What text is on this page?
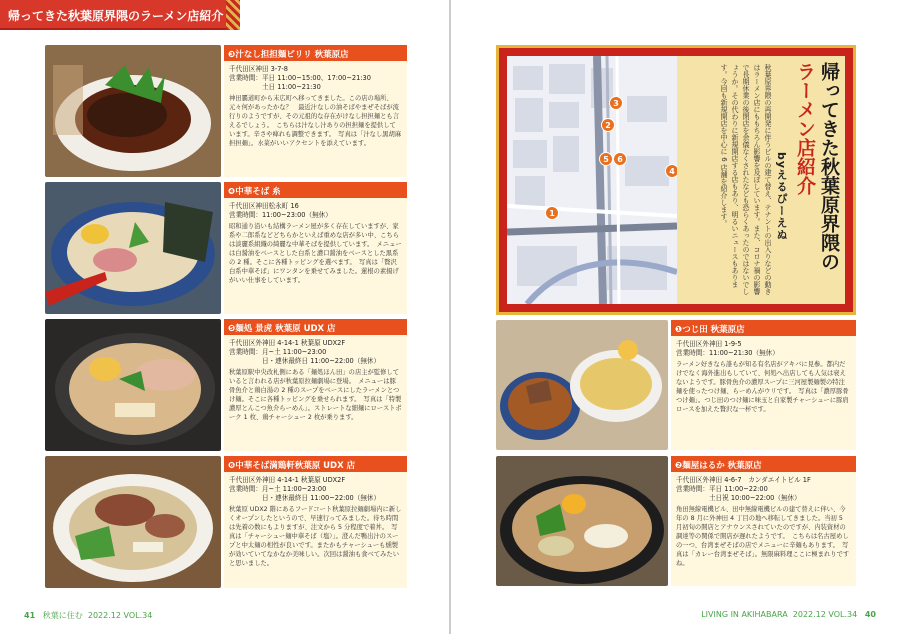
帰ってきた秋葉原界隈のラーメン店紹介
❸汁なし担担麺ピリリ 秋葉原店
千代田区神田 3-7-8
営業時間：平日 11:00~15:00、17:00~21:30
　　　　　土日 11:00~21:30
神田覇道町から末広町へ移ってきました。この店の場所、元々何があったかな？　最近汁なしの油そばやまぜそばが流行りのようですが、その元祖的な存在がけなし担担麺とも言えるでしょう。　こちらは汁なし汁ありの担担麺を提供しています。辛さや痺れも調整できます。　写真は「汁なし黒胡麻担担麺」。水菜がいいアクセントを添えています。
❹中華そば 糸
千代田区神田松永町 16
営業時間：11:00~23:00（無休）
昭和通り沿いも結構ラーメン屋が多く存在していますが、家系や二郎系などどちらかといえば重めな店が多い中、こちらは淡麗系組織の綺麗な中華そばを提供しています。　メニューは白醤油をベースとした白系と濃口醤油をベースとした黒系の 2 種。そこに各種トッピングを選べます。　写真は「贅沢白系中華そば」にワンタンを乗せてみました。蓮根の素揚げがいい仕事をしています。
❺麺処 景虎 秋葉原 UDX 店
千代田区外神田 4-14-1 秋葉原 UDX2F
営業時間：月~土 11:00~23:00
　　　　　日・連休最終日 11:00~22:00（無休）
秋葉原駅中央改札側にある「麺処ほん田」の店主が監修していると言われる店が秋葉原拉麺劇場に登場。　メニューは豚骨魚介と鶏白湯の 2 種のスープをベースにしたラーメンとつけ麺。そこに各種トッピングを乗せられます。　写真は「特製濃厚とんこつ魚介らーめん」。ストレートな細麺にローストポーク 1 枚、鶏チャーシュー 2 枚が乗ります。
❻中華そば満鶏軒秋葉原 UDX 店
千代田区外神田 4-14-1 秋葉原 UDX2F
営業時間：月~土 11:00~23:00
　　　　　日・連休最終日 11:00~22:00（無休）
秋葉原 UDX2 階にあるフードコート秋葉原拉麺劇場内に新しくオープンしたというので、早速行ってみました。待ち時間は先着の数にもよりますが、注文から 5 分程度で着丼。　写真は「チャーシュー麺中華そば（塩）」。澄んだ鴨出汁のスープと中太麺の相性が良いです。またかもチャーシューも燻製が効いていてなかなか美味しい。次回は醤油も食べてみたいと思いました。
41 秋葉に住む 2022.12 VOL.34
3
2
5	6
4
1	帰ってきた秋葉原界隈の
ラーメン店紹介
byえるぴーえぬ
秋葉原界隈の再開発に伴うビルの建て替え、テナントの出入りなどの動きはラーメン店にももちろん影響を及ぼしています。また、コロナ禍の影響で長期休業の後閉店を余儀なくされたなども恐らくあったのではないでしょうか。その代わりに新規開店する店もあり、明るいニュースもあります。今回も新規開店を中心に 6 店舗を紹介します。
❶つじ田 秋葉原店
千代田区外神田 1-9-5
営業時間：11:00~21:30（無休）
ラーメン好きなら誰もが知る有名店がアキバに見参。都内だけでなく海外進出もしていて、何処へ出店しても人気は衰えないようです。豚骨魚介の濃厚スープに三河屋製麺製の特注麺を使ったつけ麺、らーめんがウリです。　写真は「濃厚豚骨つけ麺」。つじ田のつけ麺に味玉と自家製チャーシューに豚肩ロースを加えた贅沢な一杯です。
❷麺屋はるか 秋葉原店
千代田区外神田 4-6-7　カンダエイトビル 1F
営業時間：平日 11:00~22:00
　　　　　土日祝 10:00~22:00（無休）
角田無線電機ビル、田中無線電機ビルの建て替えに伴い、今年の 8 月に外神田 4 丁目の地へ移転してきました。当初 5 月初旬の開店とアナウンスされていたのですが、内装資材の調達等の関係で開店が遅れたようです。　こちらは名古屋めしの一つ、台湾まぜそばの店でメニューに辛麺もあります。　写真は「カレー台湾まぜそば」。無限麻料理ここに極まれりですね。
LIVING IN AKIHABARA 2022.12 VOL.34 40
